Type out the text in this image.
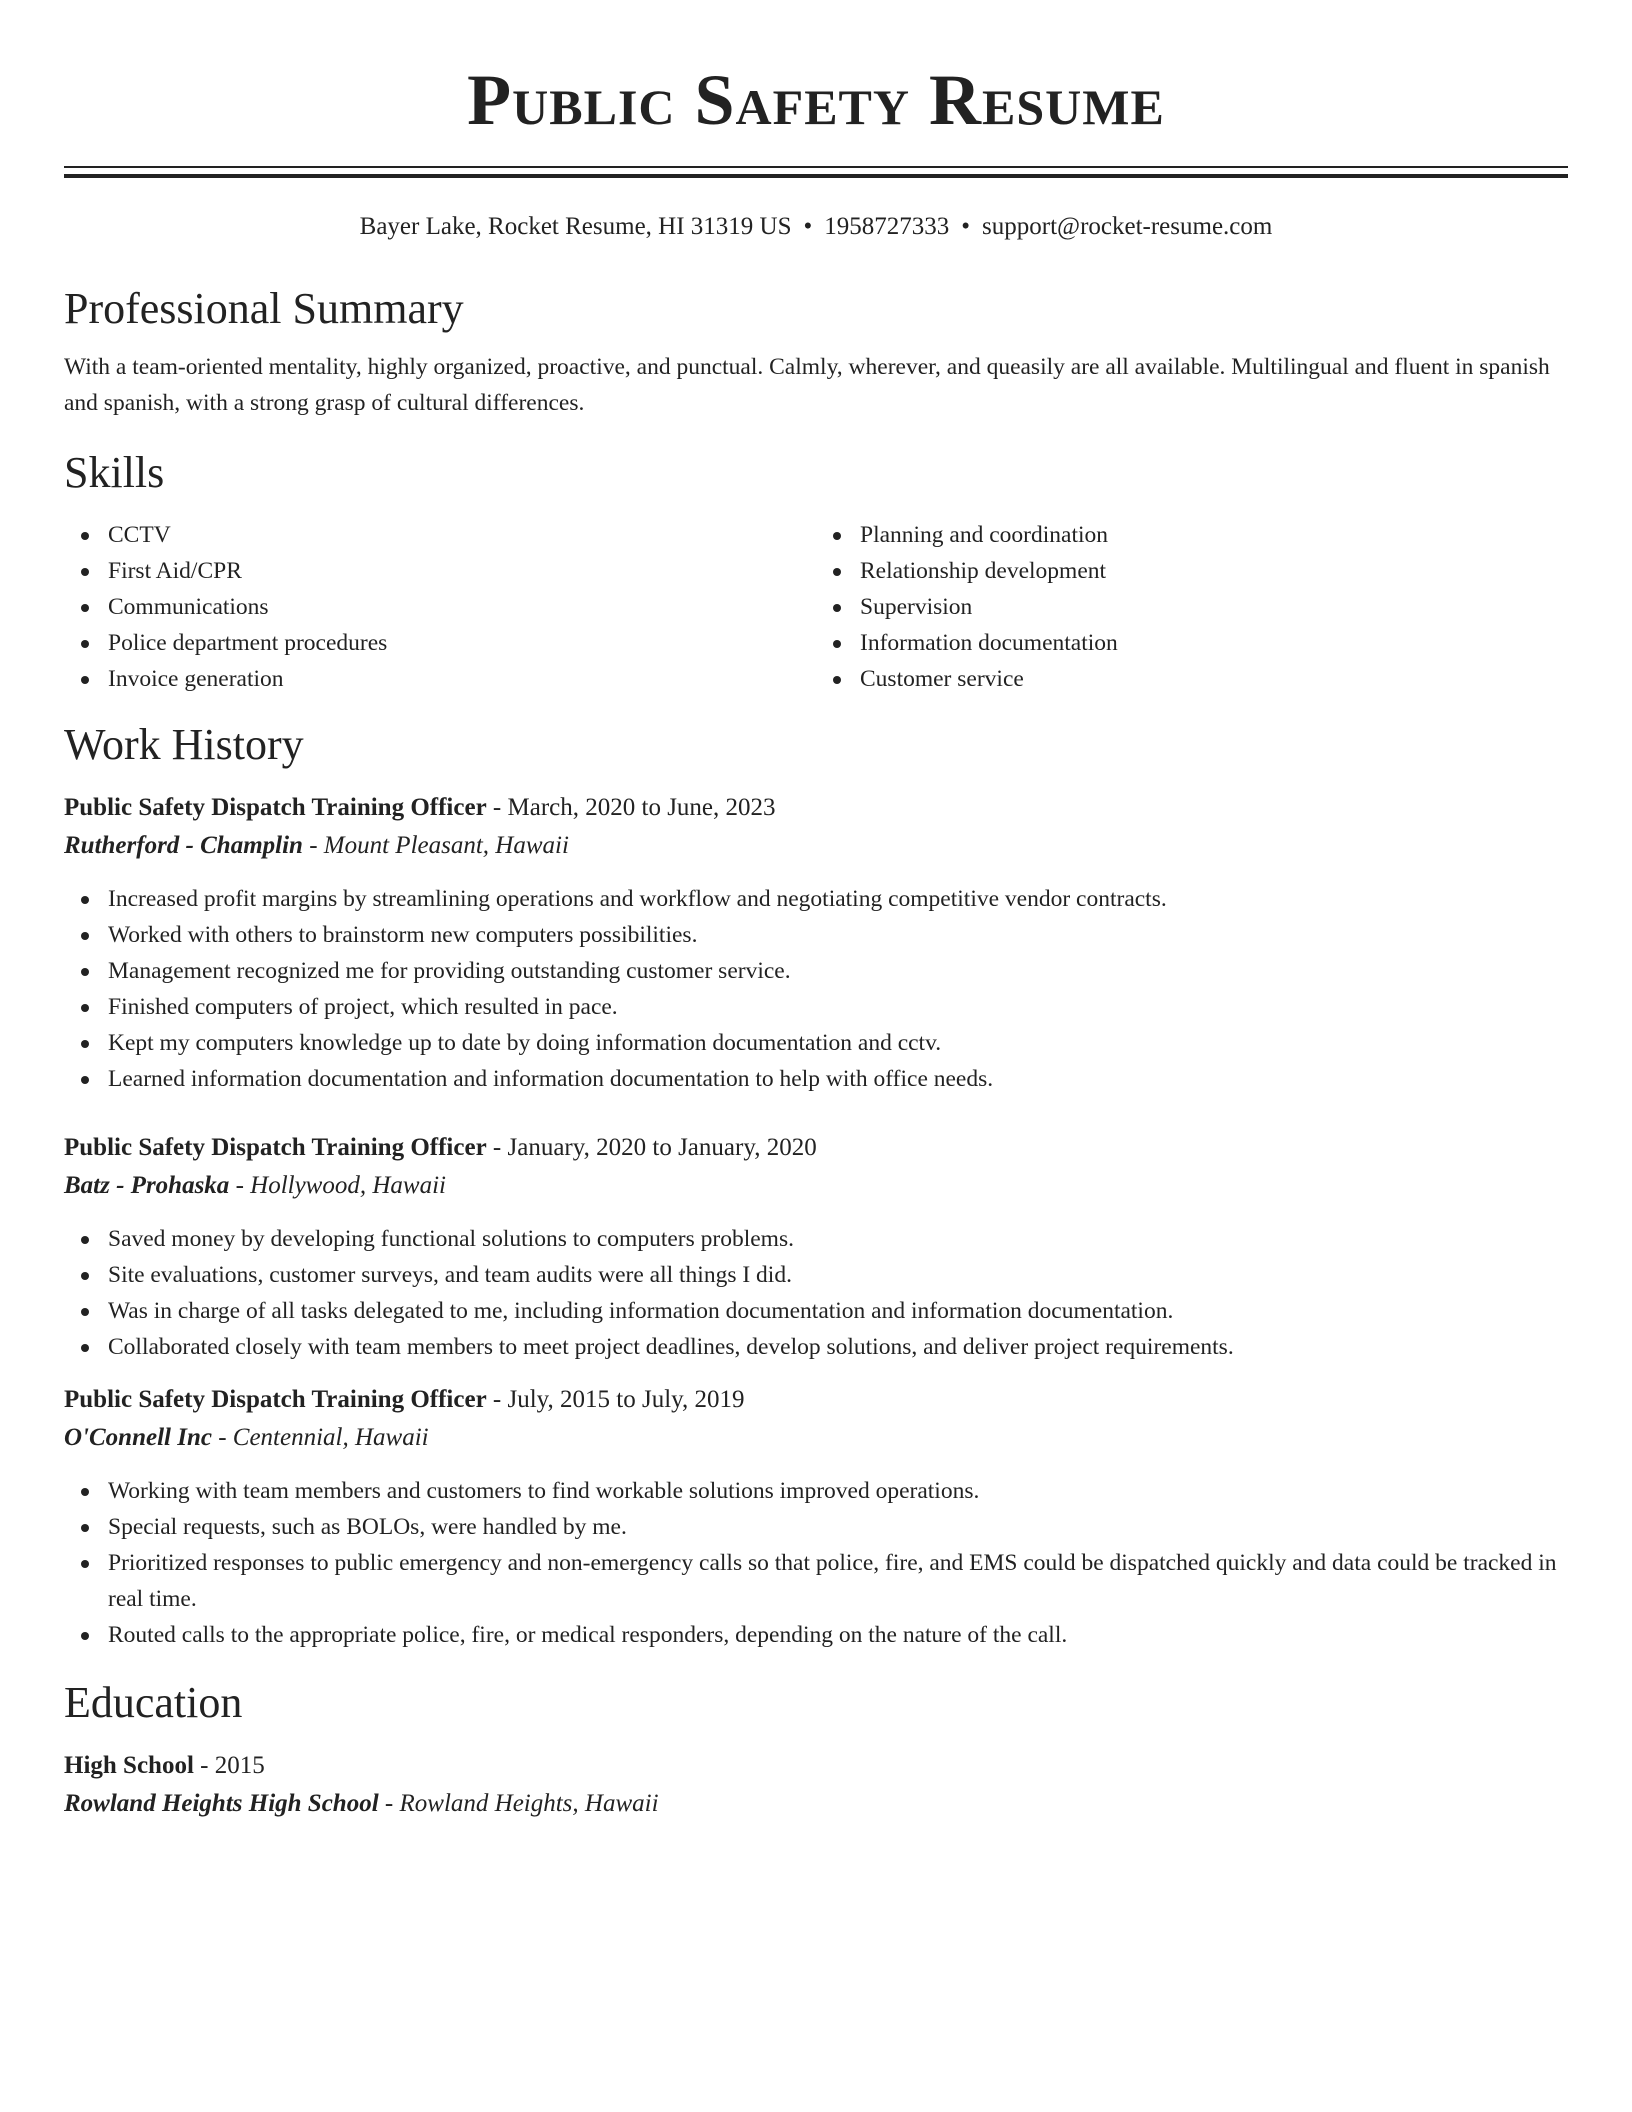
Public Safety Resume
Bayer Lake, Rocket Resume, HI 31319 US • 1958727333 • support@rocket-resume.com
Professional Summary
With a team-oriented mentality, highly organized, proactive, and punctual. Calmly, wherever, and queasily are all available. Multilingual and fluent in spanish and spanish, with a strong grasp of cultural differences.
Skills
CCTV
First Aid/CPR
Communications
Police department procedures
Invoice generation
Planning and coordination
Relationship development
Supervision
Information documentation
Customer service
Work History
Public Safety Dispatch Training Officer - March, 2020 to June, 2023
Rutherford - Champlin - Mount Pleasant, Hawaii
Increased profit margins by streamlining operations and workflow and negotiating competitive vendor contracts.
Worked with others to brainstorm new computers possibilities.
Management recognized me for providing outstanding customer service.
Finished computers of project, which resulted in pace.
Kept my computers knowledge up to date by doing information documentation and cctv.
Learned information documentation and information documentation to help with office needs.
Public Safety Dispatch Training Officer - January, 2020 to January, 2020
Batz - Prohaska - Hollywood, Hawaii
Saved money by developing functional solutions to computers problems.
Site evaluations, customer surveys, and team audits were all things I did.
Was in charge of all tasks delegated to me, including information documentation and information documentation.
Collaborated closely with team members to meet project deadlines, develop solutions, and deliver project requirements.
Public Safety Dispatch Training Officer - July, 2015 to July, 2019
O'Connell Inc - Centennial, Hawaii
Working with team members and customers to find workable solutions improved operations.
Special requests, such as BOLOs, were handled by me.
Prioritized responses to public emergency and non-emergency calls so that police, fire, and EMS could be dispatched quickly and data could be tracked in real time.
Routed calls to the appropriate police, fire, or medical responders, depending on the nature of the call.
Education
High School - 2015
Rowland Heights High School - Rowland Heights, Hawaii
